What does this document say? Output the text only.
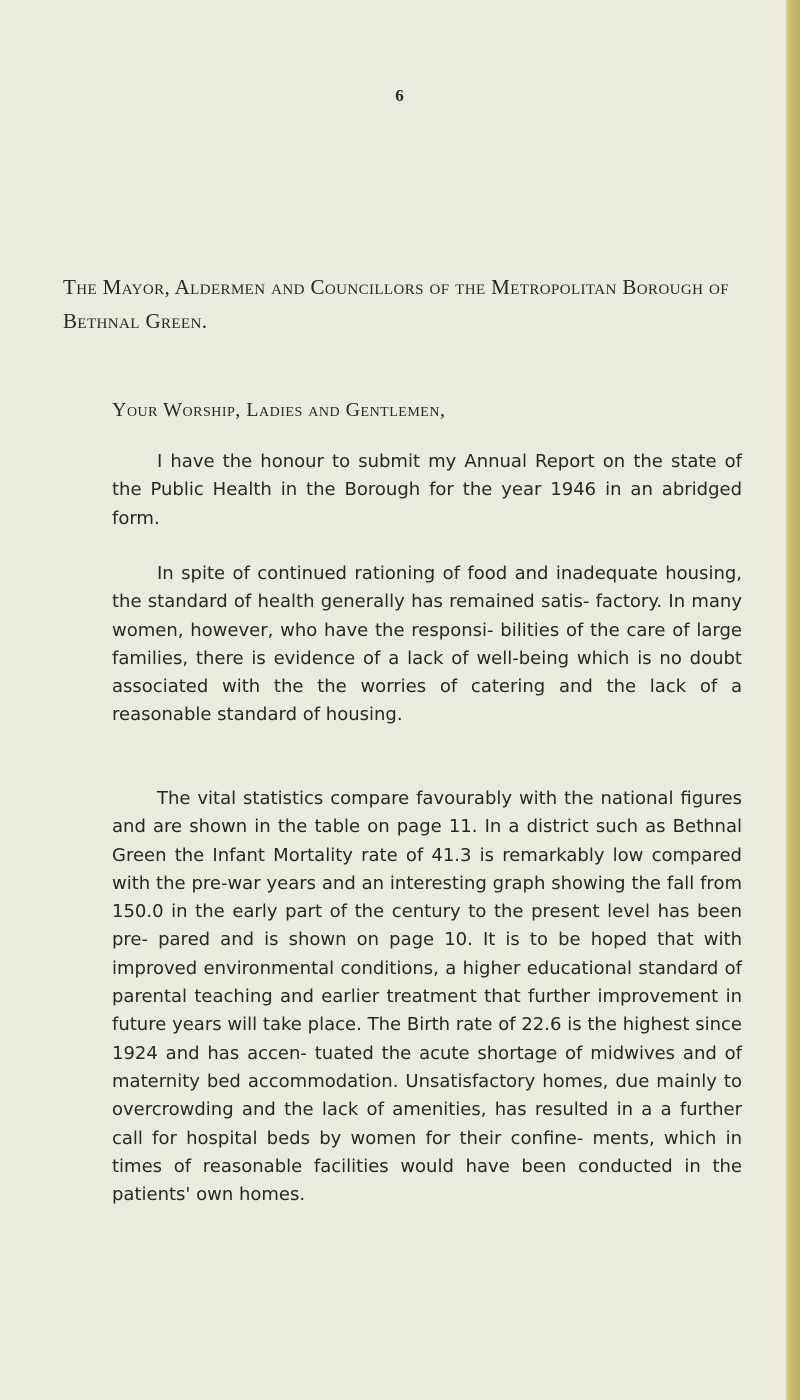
6
The Mayor, Aldermen and Councillors of the Metropolitan Borough of Bethnal Green.
Your Worship, Ladies and Gentlemen,

I have the honour to submit my Annual Report on the state of the Public Health in the Borough for the year 1946 in an abridged form.

In spite of continued rationing of food and inadequate housing, the standard of health generally has remained satis- factory. In many women, however, who have the responsi- bilities of the care of large families, there is evidence of a lack of well-being which is no doubt associated with the the worries of catering and the lack of a reasonable standard of housing.

The vital statistics compare favourably with the national figures and are shown in the table on page 11. In a district such as Bethnal Green the Infant Mortality rate of 41.3 is remarkably low compared with the pre-war years and an interesting graph showing the fall from 150.0 in the early part of the century to the present level has been pre- pared and is shown on page 10. It is to be hoped that with improved environmental conditions, a higher educational standard of parental teaching and earlier treatment that further improvement in future years will take place. The Birth rate of 22.6 is the highest since 1924 and has accen- tuated the acute shortage of midwives and of maternity bed accommodation. Unsatisfactory homes, due mainly to overcrowding and the lack of amenities, has resulted in a a further call for hospital beds by women for their confine- ments, which in times of reasonable facilities would have been conducted in the patients' own homes.
